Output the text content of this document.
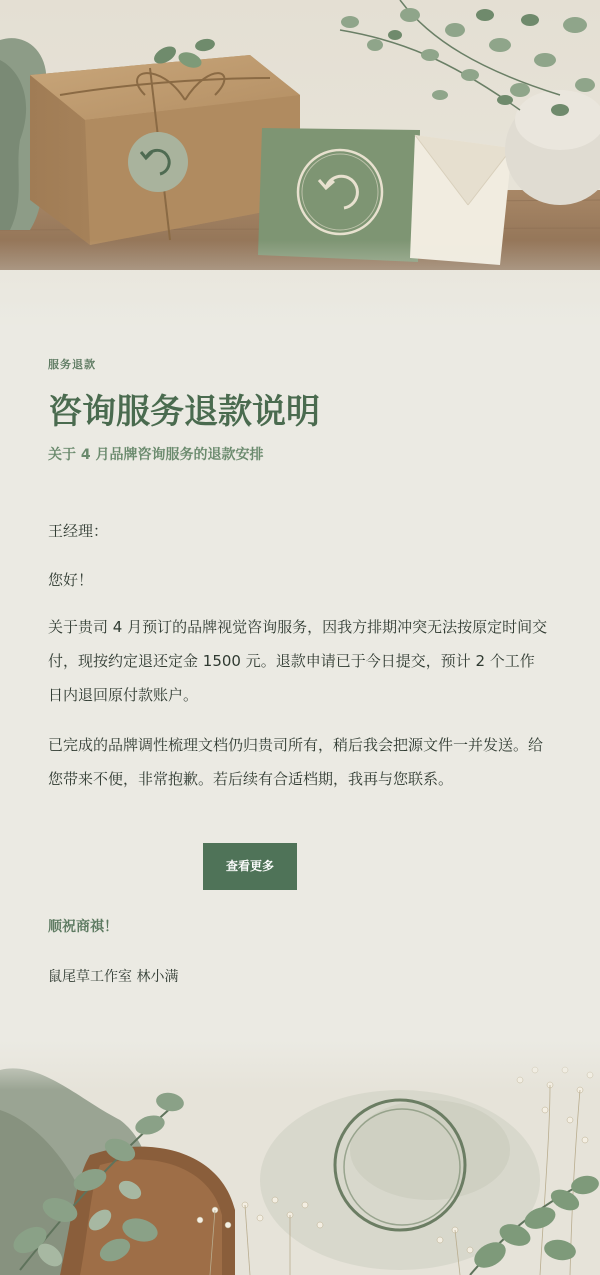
服务退款
咨询服务退款说明
关于 4 月品牌咨询服务的退款安排
王经理：
您好！
关于贵司 4 月预订的品牌视觉咨询服务，因我方排期冲突无法按原定时间交付，现按约定退还定金 1500 元。退款申请已于今日提交，预计 2 个工作日内退回原付款账户。
已完成的品牌调性梳理文档仍归贵司所有，稍后我会把源文件一并发送。给您带来不便，非常抱歉。若后续有合适档期，我再与您联系。
查看更多
顺祝商祺！
鼠尾草工作室 林小满
